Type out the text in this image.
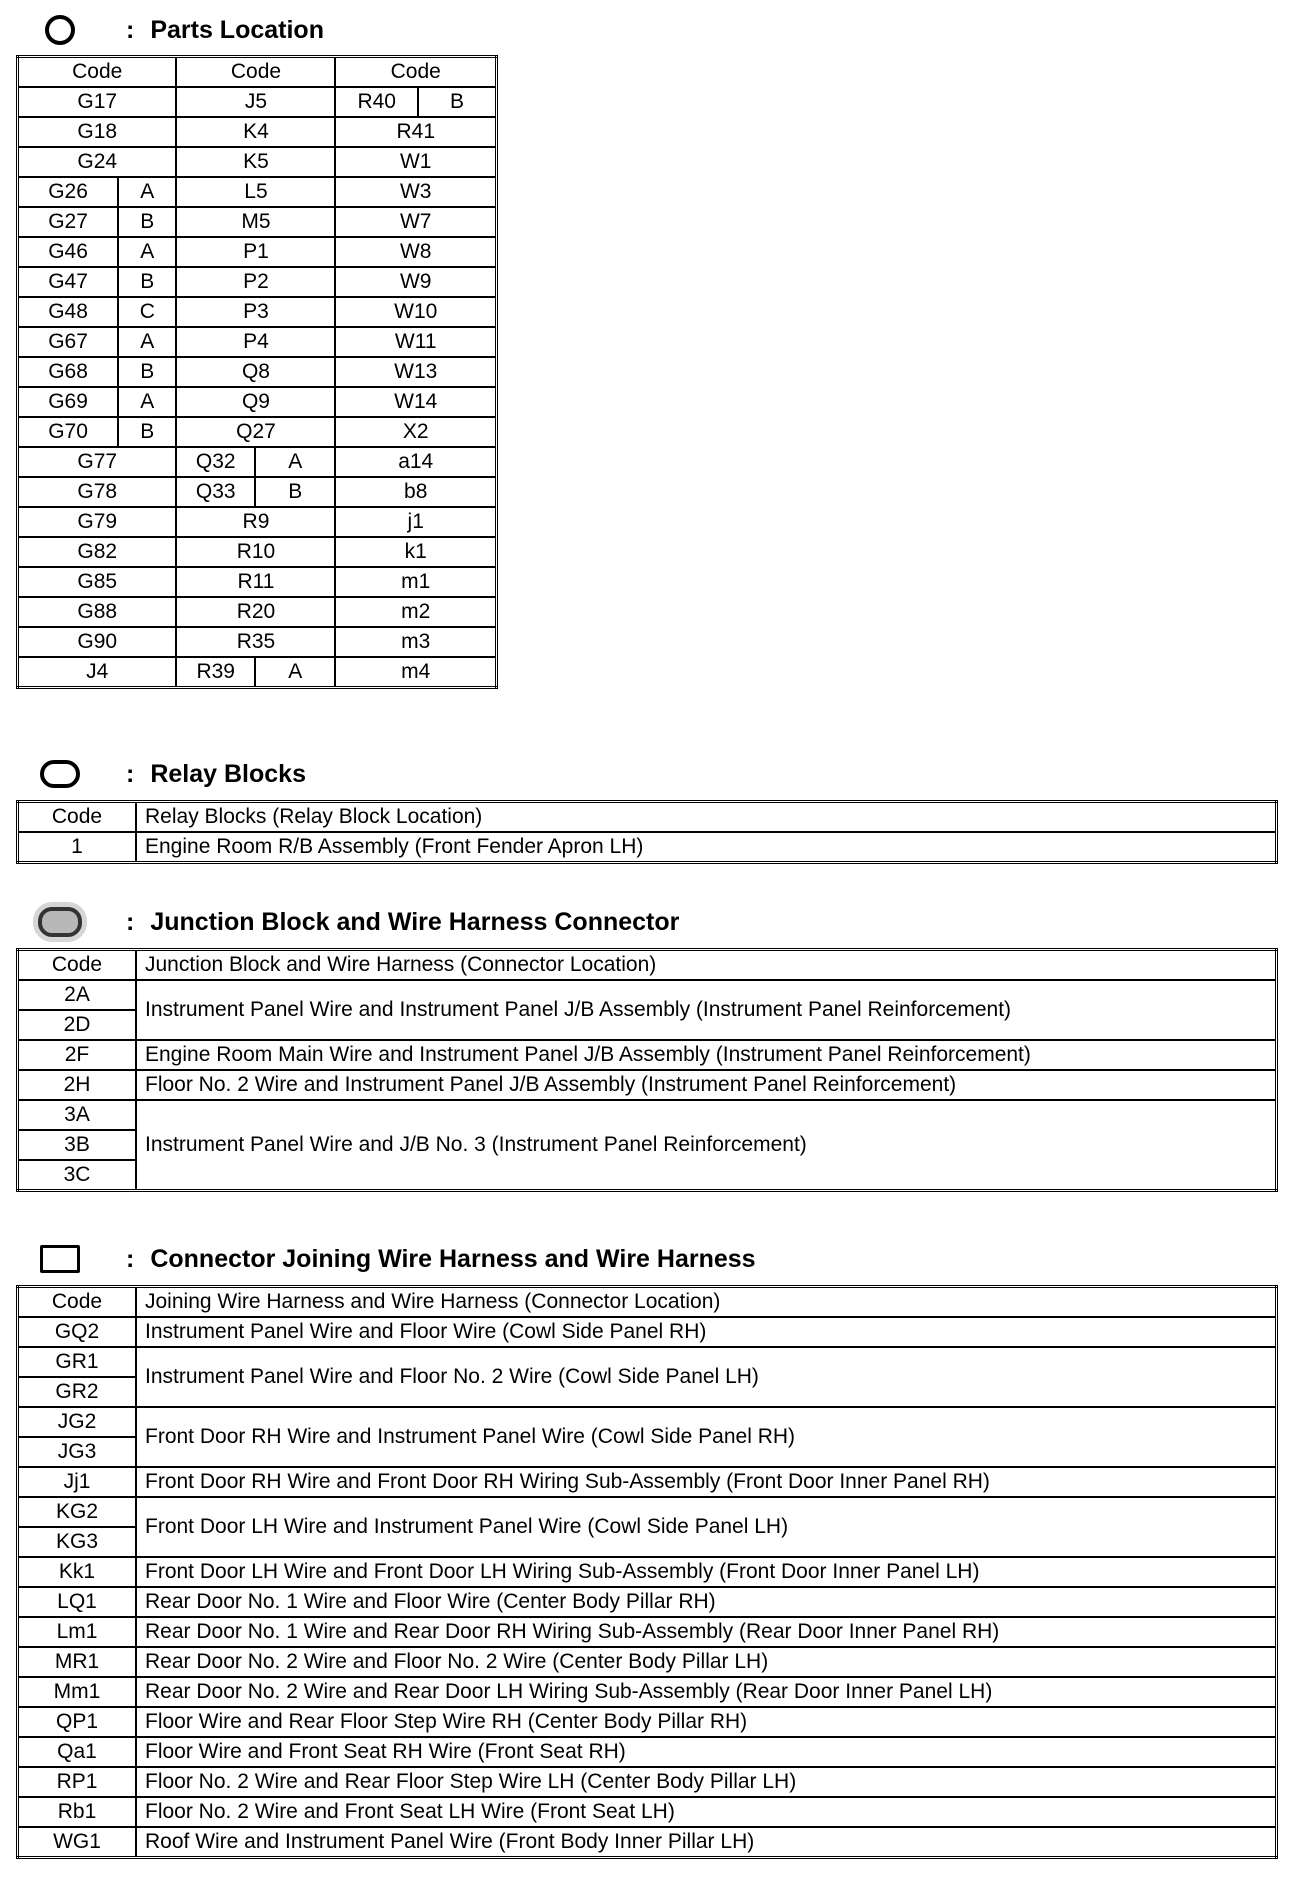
: Parts Location
Code		Code		Code	
G17		J5		R40	B
G18		K4		R41	
G24		K5		W1	
G26	A	L5		W3	
G27	B	M5		W7	
G46	A	P1		W8	
G47	B	P2		W9	
G48	C	P3		W10	
G67	A	P4		W11	
G68	B	Q8		W13	
G69	A	Q9		W14	
G70	B	Q27		X2	
G77		Q32	A	a14	
G78		Q33	B	b8	
G79		R9		j1	
G82		R10		k1	
G85		R11		m1	
G88		R20		m2	
G90		R35		m3	
J4		R39	A	m4	
: Relay Blocks
Code	Relay Blocks (Relay Block Location)
1	Engine Room R/B Assembly (Front Fender Apron LH)
: Junction Block and Wire Harness Connector
Code	Junction Block and Wire Harness (Connector Location)
2A	Instrument Panel Wire and Instrument Panel J/B Assembly (Instrument Panel Reinforcement)
2D	
2F	Engine Room Main Wire and Instrument Panel J/B Assembly (Instrument Panel Reinforcement)
2H	Floor No. 2 Wire and Instrument Panel J/B Assembly (Instrument Panel Reinforcement)
3A	Instrument Panel Wire and J/B No. 3 (Instrument Panel Reinforcement)
3B	
3C	
: Connector Joining Wire Harness and Wire Harness
Code	Joining Wire Harness and Wire Harness (Connector Location)
GQ2	Instrument Panel Wire and Floor Wire (Cowl Side Panel RH)
GR1	Instrument Panel Wire and Floor No. 2 Wire (Cowl Side Panel LH)
GR2	
JG2	Front Door RH Wire and Instrument Panel Wire (Cowl Side Panel RH)
JG3	
Jj1	Front Door RH Wire and Front Door RH Wiring Sub-Assembly (Front Door Inner Panel RH)
KG2	Front Door LH Wire and Instrument Panel Wire (Cowl Side Panel LH)
KG3	
Kk1	Front Door LH Wire and Front Door LH Wiring Sub-Assembly (Front Door Inner Panel LH)
LQ1	Rear Door No. 1 Wire and Floor Wire (Center Body Pillar RH)
Lm1	Rear Door No. 1 Wire and Rear Door RH Wiring Sub-Assembly (Rear Door Inner Panel RH)
MR1	Rear Door No. 2 Wire and Floor No. 2 Wire (Center Body Pillar LH)
Mm1	Rear Door No. 2 Wire and Rear Door LH Wiring Sub-Assembly (Rear Door Inner Panel LH)
QP1	Floor Wire and Rear Floor Step Wire RH (Center Body Pillar RH)
Qa1	Floor Wire and Front Seat RH Wire (Front Seat RH)
RP1	Floor No. 2 Wire and Rear Floor Step Wire LH (Center Body Pillar LH)
Rb1	Floor No. 2 Wire and Front Seat LH Wire (Front Seat LH)
WG1	Roof Wire and Instrument Panel Wire (Front Body Inner Pillar LH)
